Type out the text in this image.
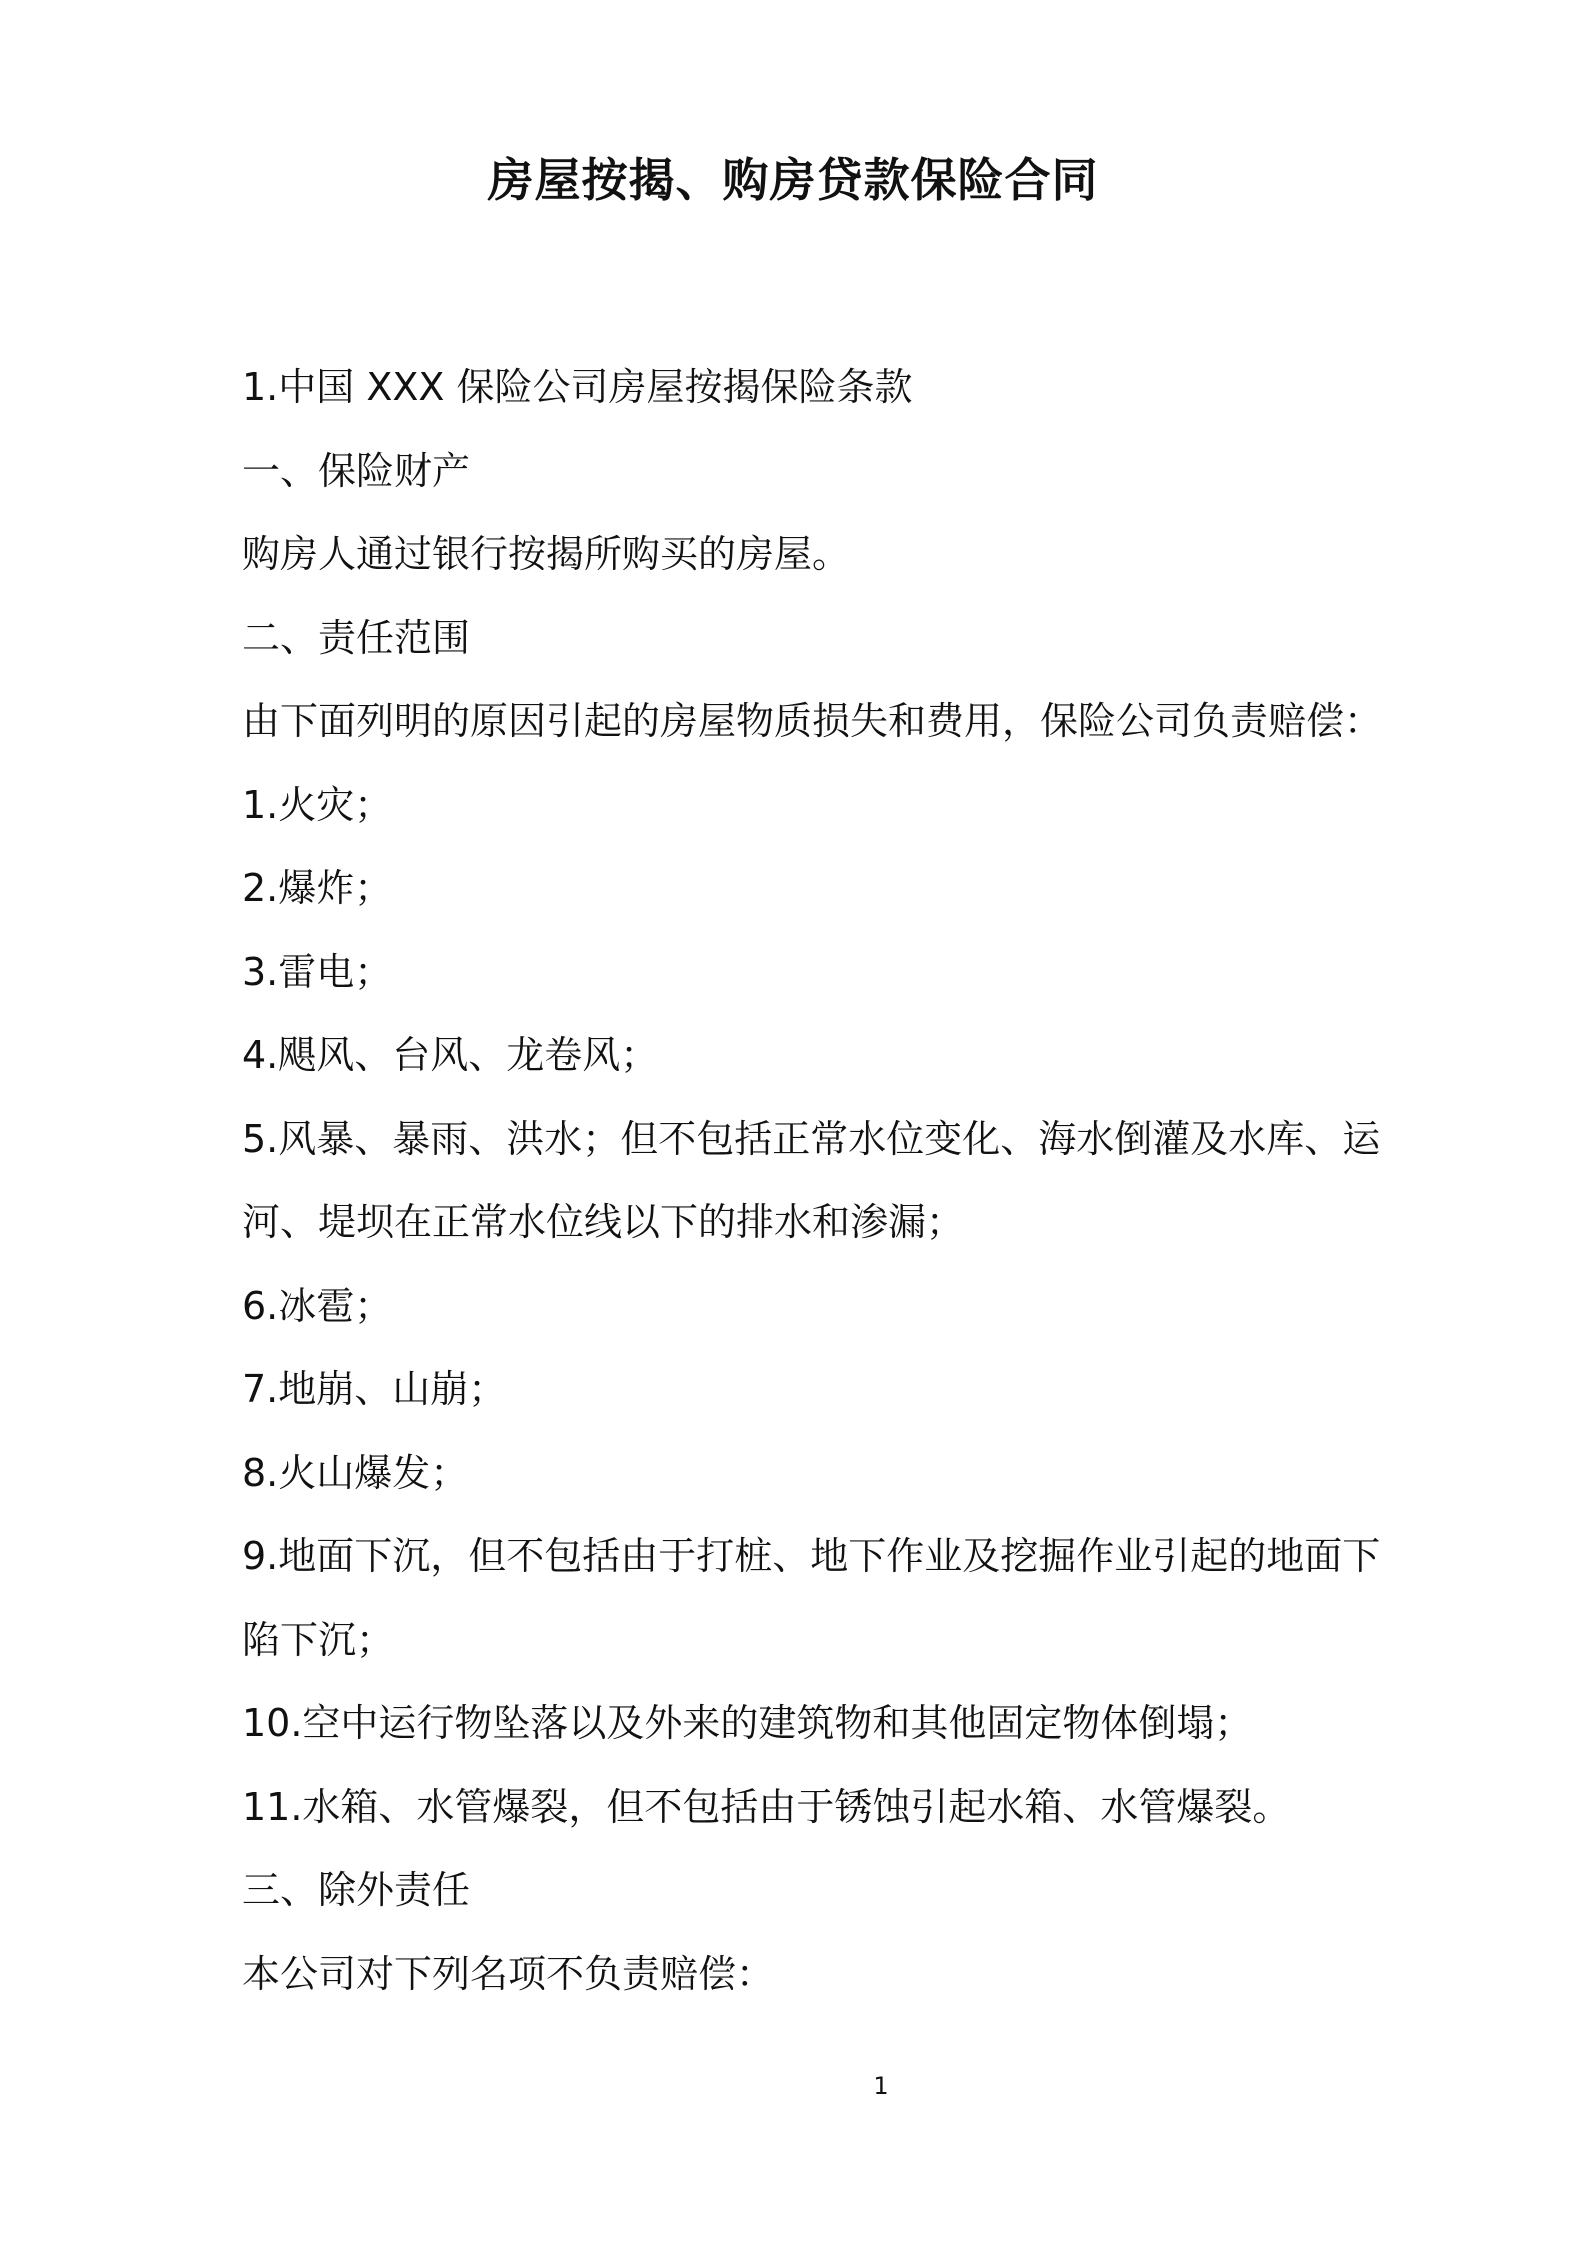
房屋按揭、购房贷款保险合同
1.中国 XXX 保险公司房屋按揭保险条款
一、保险财产
购房人通过银行按揭所购买的房屋。
二、责任范围
由下面列明的原因引起的房屋物质损失和费用，保险公司负责赔偿：
1.火灾；
2.爆炸；
3.雷电；
4.飓风、台风、龙卷风；
5.风暴、暴雨、洪水；但不包括正常水位变化、海水倒灌及水库、运
河、堤坝在正常水位线以下的排水和渗漏；
6.冰雹；
7.地崩、山崩；
8.火山爆发；
9.地面下沉，但不包括由于打桩、地下作业及挖掘作业引起的地面下
陷下沉；
10.空中运行物坠落以及外来的建筑物和其他固定物体倒塌；
11.水箱、水管爆裂，但不包括由于锈蚀引起水箱、水管爆裂。
三、除外责任
本公司对下列名项不负责赔偿：
1
